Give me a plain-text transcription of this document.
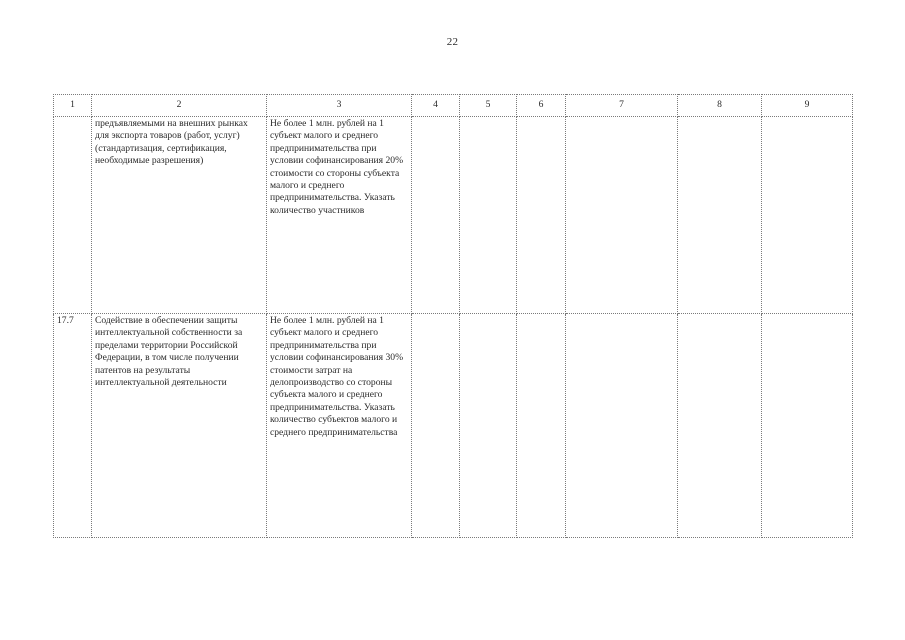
22
1	2	3	4	5	6	7	8	9
	предъявляемыми на внешних рынках для экспорта товаров (работ, услуг) (стандартизация, сертификация, необходимые разрешения)	Не более 1 млн. рублей на 1 субъект малого и среднего предпринимательства при условии софинансирования 20% стоимости со стороны субъекта малого и среднего предпринимательства. Указать количество участников						
17.7	Содействие в обеспечении защиты интеллектуальной собственности за пределами территории Российской Федерации, в том числе получении патентов на результаты интеллектуальной деятельности	Не более 1 млн. рублей на 1 субъект малого и среднего предпринимательства при условии софинансирования 30% стоимости затрат на делопроизводство со стороны субъекта малого и среднего предпринимательства. Указать количество субъектов малого и среднего предпринимательства						
